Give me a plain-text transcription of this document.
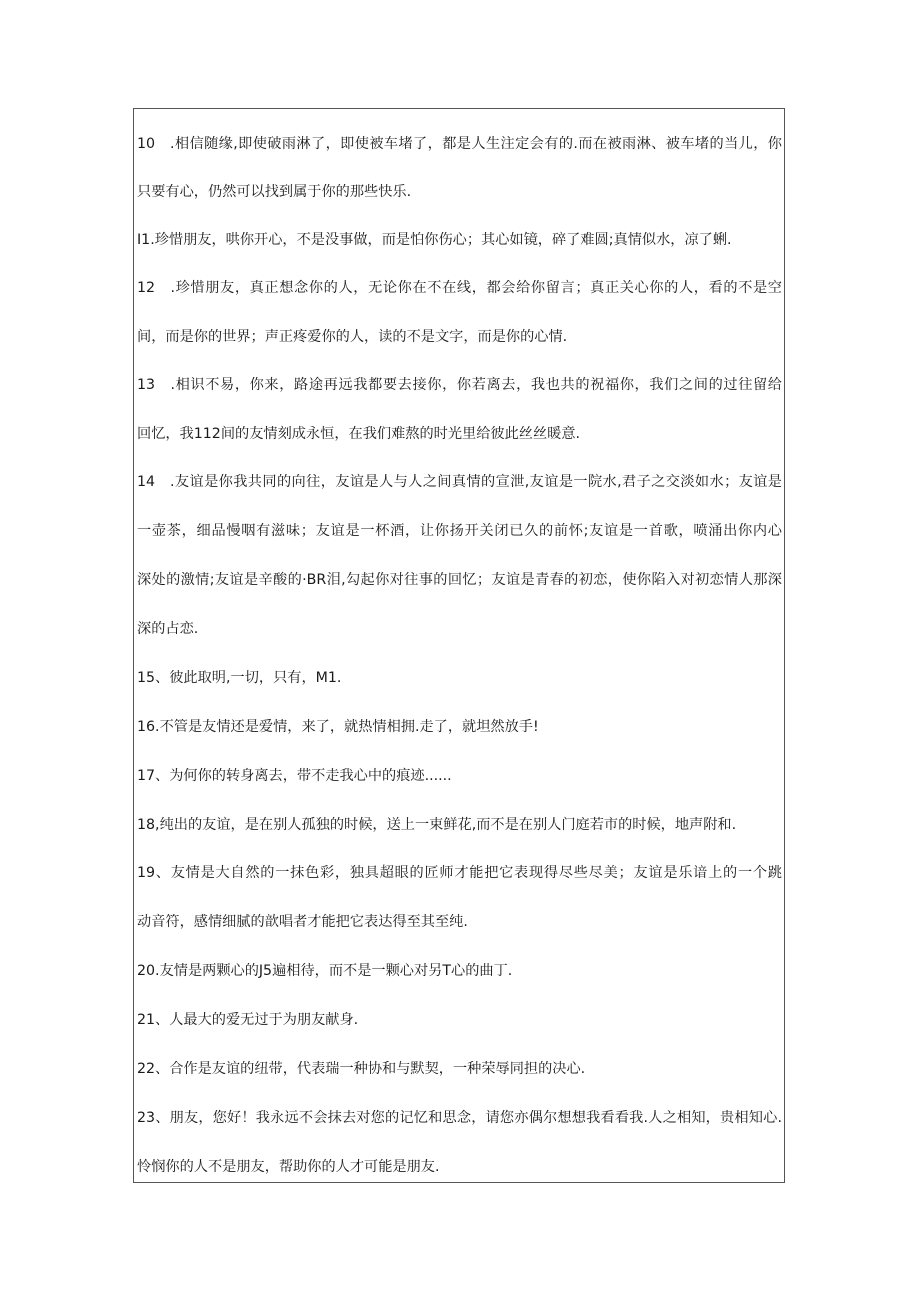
10　.相信随缘,即使破雨淋了，即使被车堵了，都是人生注定会有的.而在被雨淋、被车堵的当儿，你
只要有心，仍然可以找到属于你的那些快乐.
I1.珍惜朋友，哄你开心，不是没事做，而是怕你伤心；其心如镜，碎了难圆;真情似水，凉了蜊.
12　.珍惜朋友，真正想念你的人，无论你在不在线，都会给你留言；真正关心你的人，看的不是空
间，而是你的世界；声正疼爱你的人，读的不是文字，而是你的心情.
13　.相识不易，你来，路途再远我都要去接你，你若离去，我也共的祝福你，我们之间的过往留给
回忆，我112间的友情刻成永恒，在我们难熬的时光里给彼此丝丝暖意.
14　.友谊是你我共同的向往，友谊是人与人之间真情的宣泄,友谊是一院水,君子之交淡如水；友谊是
一壶茶，细品慢咽有滋味；友谊是一杯酒，让你扬开关闭已久的前怀;友谊是一首歌，喷涌出你内心
深处的激情;友谊是辛酸的·BR泪,勾起你对往事的回忆；友谊是青春的初恋，使你陷入对初恋情人那深
深的占恋.
15、彼此取明,一切，只有，M1.
16.不管是友情还是爱情，来了，就热情相拥.走了，就坦然放手!
17、为何你的转身离去，带不走我心中的痕迹......
18,纯出的友谊，是在别人孤独的时候，送上一束鲜花,而不是在别人门庭若市的时候，地声附和.
19、友情是大自然的一抹色彩，独具超眼的匠师才能把它表现得尽些尽美；友谊是乐谙上的一个跳
动音符，感情细腻的歆唱者才能把它表达得至其至纯.
20.友情是两颗心的J5遍相待，而不是一颗心对另T心的曲丁.
21、人最大的爱无过于为朋友献身.
22、合作是友谊的纽带，代表瑞一种协和与默契，一种荣辱同担的决心.
23、朋友，您好！我永远不会抹去对您的记忆和思念，请您亦偶尔想想我看看我.人之相知，贵相知心.
怜悯你的人不是朋友，帮助你的人才可能是朋友.
